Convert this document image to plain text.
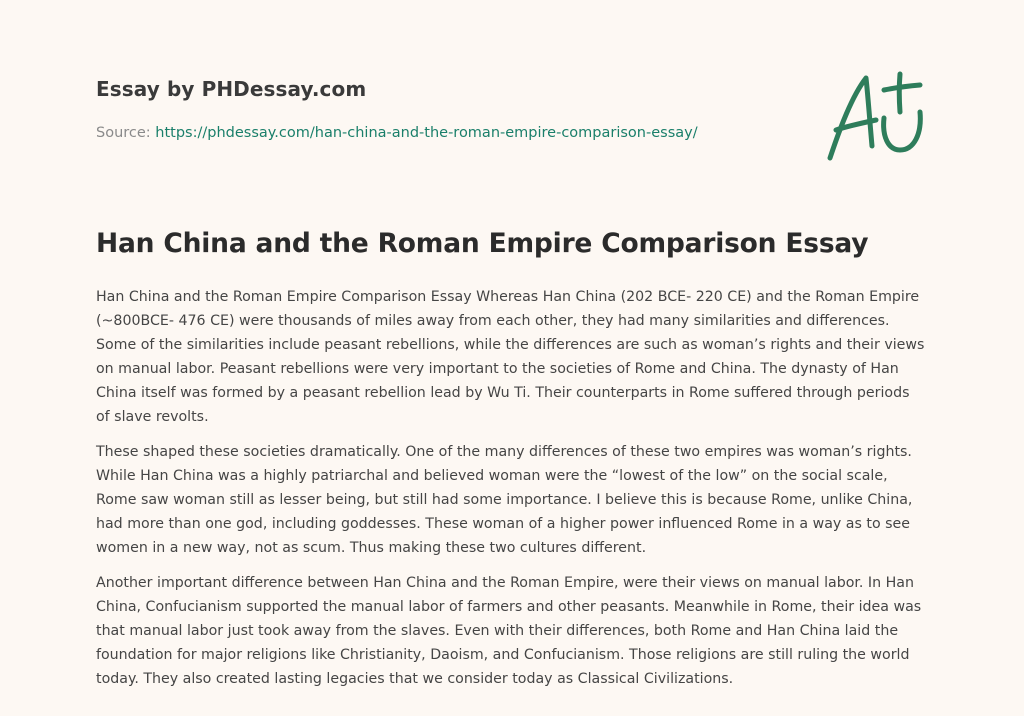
Essay by PHDessay.com

Source: https://phdessay.com/han-china-and-the-roman-empire-comparison-essay/
Han China and the Roman Empire Comparison Essay

Han China and the Roman Empire Comparison Essay Whereas Han China (202 BCE- 220 CE) and the Roman Empire (~800BCE- 476 CE) were thousands of miles away from each other, they had many similarities and differences. Some of the similarities include peasant rebellions, while the differences are such as woman’s rights and their views on manual labor. Peasant rebellions were very important to the societies of Rome and China. The dynasty of Han China itself was formed by a peasant rebellion lead by Wu Ti. Their counterparts in Rome suffered through periods of slave revolts.

These shaped these societies dramatically. One of the many differences of these two empires was woman’s rights. While Han China was a highly patriarchal and believed woman were the “lowest of the low” on the social scale, Rome saw woman still as lesser being, but still had some importance. I believe this is because Rome, unlike China, had more than one god, including goddesses. These woman of a higher power influenced Rome in a way as to see women in a new way, not as scum. Thus making these two cultures different.

Another important difference between Han China and the Roman Empire, were their views on manual labor. In Han China, Confucianism supported the manual labor of farmers and other peasants. Meanwhile in Rome, their idea was that manual labor just took away from the slaves. Even with their differences, both Rome and Han China laid the foundation for major religions like Christianity, Daoism, and Confucianism. Those religions are still ruling the world today. They also created lasting legacies that we consider today as Classical Civilizations.
